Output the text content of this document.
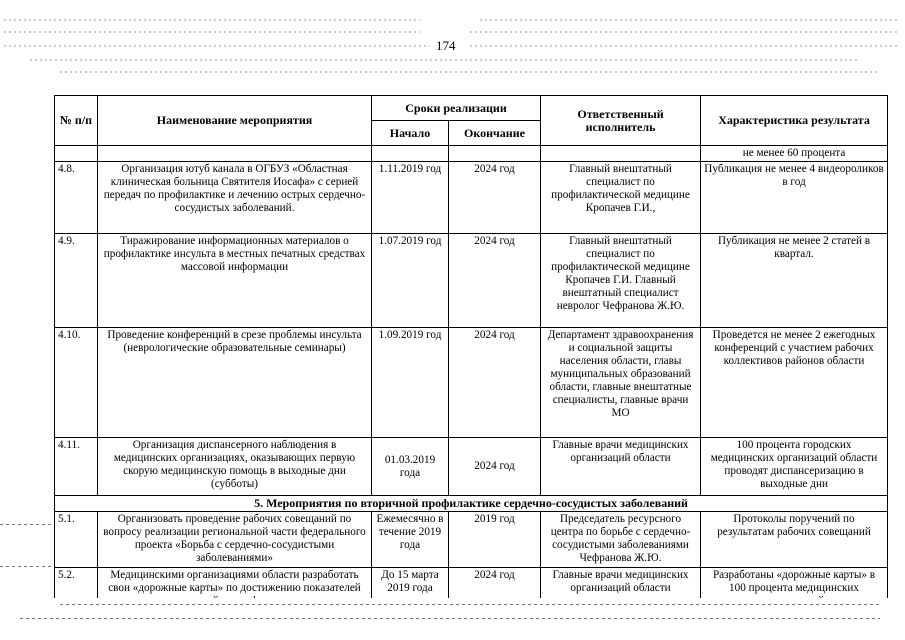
174
№ п/п	Наименование мероприятия	Сроки реализации		Ответственный исполнитель	Характеристика результата
		Начало	Окончание		
					не менее 60 процента
4.8.	Организация ютуб канала в ОГБУЗ «Областная клиническая больница Святителя Иосафа» с серией передач по профилактике и лечению острых сердечно-сосудистых заболеваний.	1.11.2019 год	2024 год	Главный внештатный специалист по профилактической медицине Кропачев Г.И.,	Публикация не менее 4 видеороликов в год
4.9.	Тиражирование информационных материалов о профилактике инсульта в местных печатных средствах массовой информации	1.07.2019 год	2024 год	Главный внештатный специалист по профилактической медицине Кропачев Г.И. Главный внештатный специалист невролог Чефранова Ж.Ю.	Публикация не менее 2 статей в квартал.
4.10.	Проведение конференций в срезе проблемы инсульта (неврологические образовательные семинары)	1.09.2019 год	2024 год	Департамент здравоохранения и социальной защиты населения области, главы муниципальных образований области, главные внештатные специалисты, главные врачи МО	Проведется не менее 2 ежегодных конференций с участием рабочих коллективов районов области
4.11.	Организация диспансерного наблюдения в медицинских организациях, оказывающих первую скорую медицинскую помощь в выходные дни (субботы)	01.03.2019 года	2024 год	Главные врачи медицинских организаций области	100 процента городских медицинских организаций области проводят диспансеризацию в выходные дни
5. Мероприятия по вторичной профилактике сердечно-сосудистых заболеваний					
5.1.	Организовать проведение рабочих совещаний по вопросу реализации региональной части федерального проекта «Борьба с сердечно-сосудистыми заболеваниями»	Ежемесячно в течение 2019 года	2019 год	Председатель ресурсного центра по борьбе с сердечно-сосудистыми заболеваниями Чефранова Ж.Ю.	Протоколы поручений по результатам рабочих совещаний
5.2.	Медицинскими организациями области разработать свои «дорожные карты» по достижению показателей	До 15 марта 2019 года	2024 год	Главные врачи медицинских организаций области	Разработаны «дорожные карты» в 100 процента медицинских
